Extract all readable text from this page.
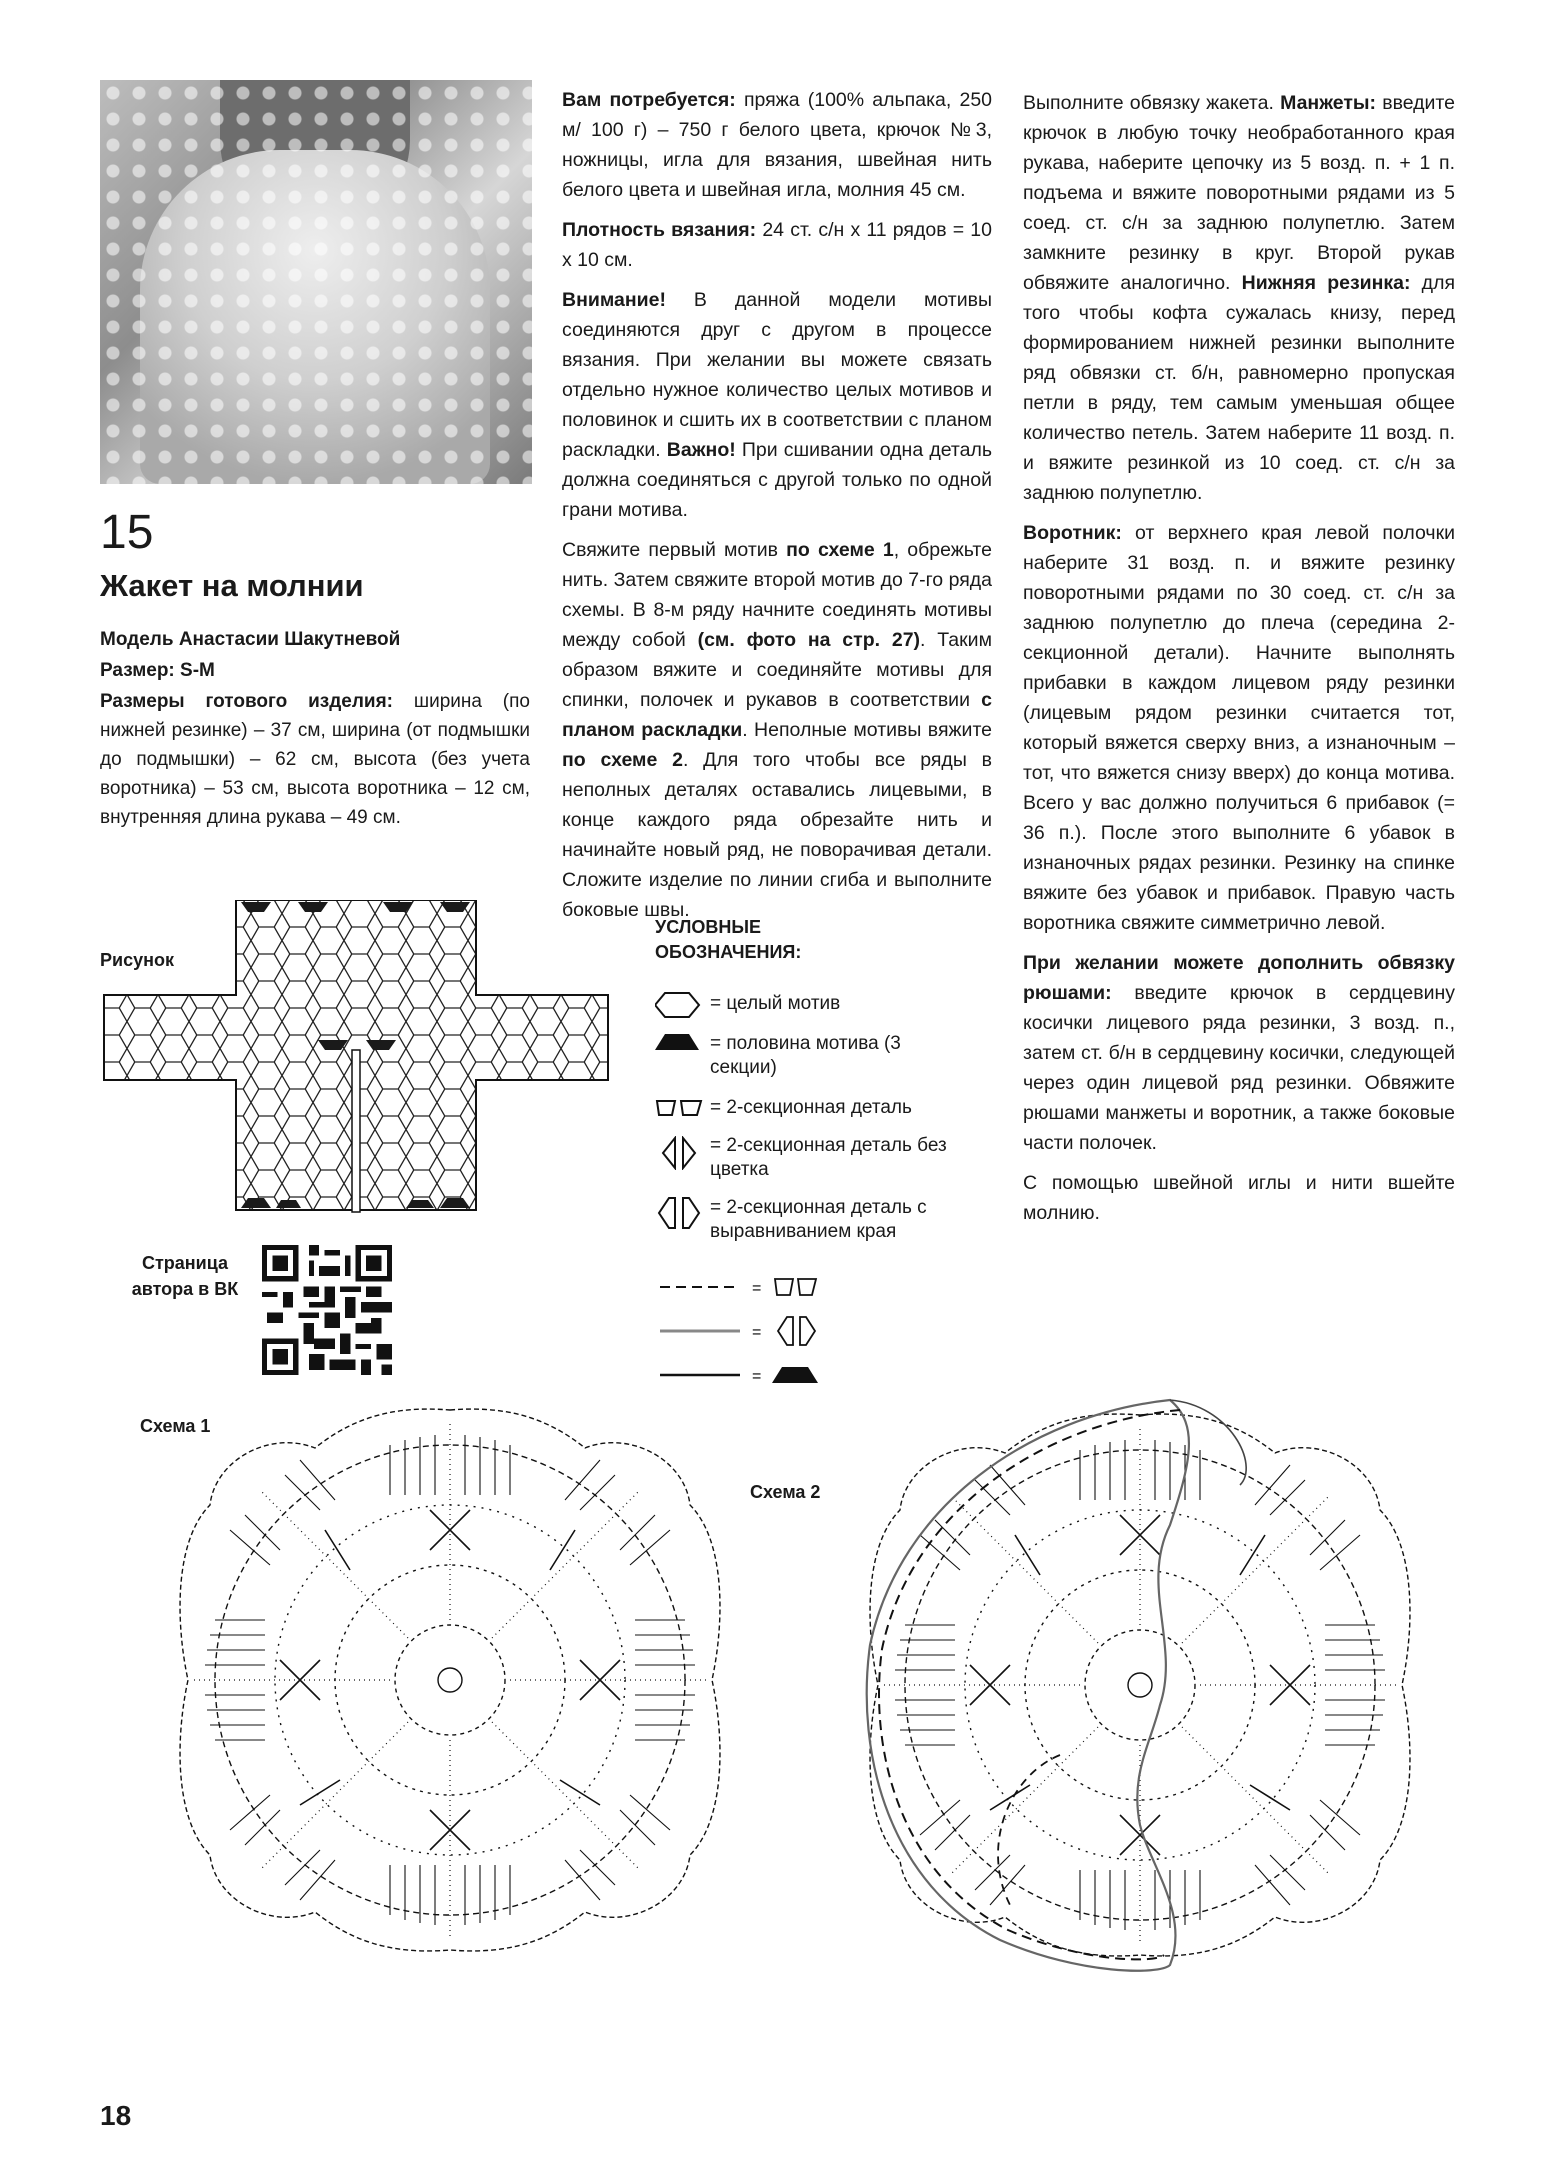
15
Жакет на молнии

Модель Анастасии Шакутневой

Размер: S-M

Размеры готового изделия: ширина (по нижней резинке) – 37 см, ширина (от подмышки до подмышки) – 62 см, высота (без учета воротника) – 53 см, высота воротника – 12 см, внутренняя длина рукава – 49 см.

Вам потребуется: пряжа (100% альпака, 250 м/ 100 г) – 750 г белого цвета, крючок №3, ножницы, игла для вязания, швейная нить белого цвета и швейная игла, молния 45 см.

Плотность вязания: 24 ст. с/н х 11 рядов = 10 х 10 см.

Внимание! В данной модели мотивы соединяются друг с другом в процессе вязания. При желании вы можете связать отдельно нужное количество целых мотивов и половинок и сшить их в соответствии с планом раскладки. Важно! При сшивании одна деталь должна соединяться с другой только по одной грани мотива.

Свяжите первый мотив по схеме 1, обрежьте нить. Затем свяжите второй мотив до 7-го ряда схемы. В 8-м ряду начните соединять мотивы между собой (см. фото на стр. 27). Таким образом вяжите и соединяйте мотивы для спинки, полочек и рукавов в соответствии с планом раскладки. Неполные мотивы вяжите по схеме 2. Для того чтобы все ряды в неполных деталях оставались лицевыми, в конце каждого ряда обрезайте нить и начинайте новый ряд, не поворачивая детали. Сложите изделие по линии сгиба и выполните боковые швы.

Выполните обвязку жакета. Манжеты: введите крючок в любую точку необработанного края рукава, наберите цепочку из 5 возд. п. + 1 п. подъема и вяжите поворотными рядами из 5 соед. ст. с/н за заднюю полупетлю. Затем замкните резинку в круг. Второй рукав обвяжите аналогично. Нижняя резинка: для того чтобы кофта сужалась книзу, перед формированием нижней резинки выполните ряд обвязки ст. б/н, равномерно пропуская петли в ряду, тем самым уменьшая общее количество петель. Затем наберите 11 возд. п. и вяжите резинкой из 10 соед. ст. с/н за заднюю полупетлю.

Воротник: от верхнего края левой полочки наберите 31 возд. п. и вяжите резинку поворотными рядами по 30 соед. ст. с/н за заднюю полупетлю до плеча (середина 2-секционной детали). Начните выполнять прибавки в каждом лицевом ряду резинки (лицевым рядом резинки считается тот, который вяжется сверху вниз, а изнаночным – тот, что вяжется снизу вверх) до конца мотива. Всего у вас должно получиться 6 прибавок (= 36 п.). После этого выполните 6 убавок в изнаночных рядах резинки. Резинку на спинке вяжите без убавок и прибавок. Правую часть воротника свяжите симметрично левой.

При желании можете дополнить обвязку рюшами: введите крючок в сердцевину косички лицевого ряда резинки, 3 возд. п., затем ст. б/н в сердцевину косички, следующей через один лицевой ряд резинки. Обвяжите рюшами манжеты и воротник, а также боковые части полочек.

С помощью швейной иглы и нити вшейте молнию.

Рисунок
УСЛОВНЫЕ ОБОЗНАЧЕНИЯ:
= целый мотив
= половина мотива (3 секции)
= 2-секционная деталь
= 2-секционная деталь без цветка
= 2-секционная деталь с выравниванием края
=
=
=
Страница автора в ВК
Схема 1
Схема 2
18
